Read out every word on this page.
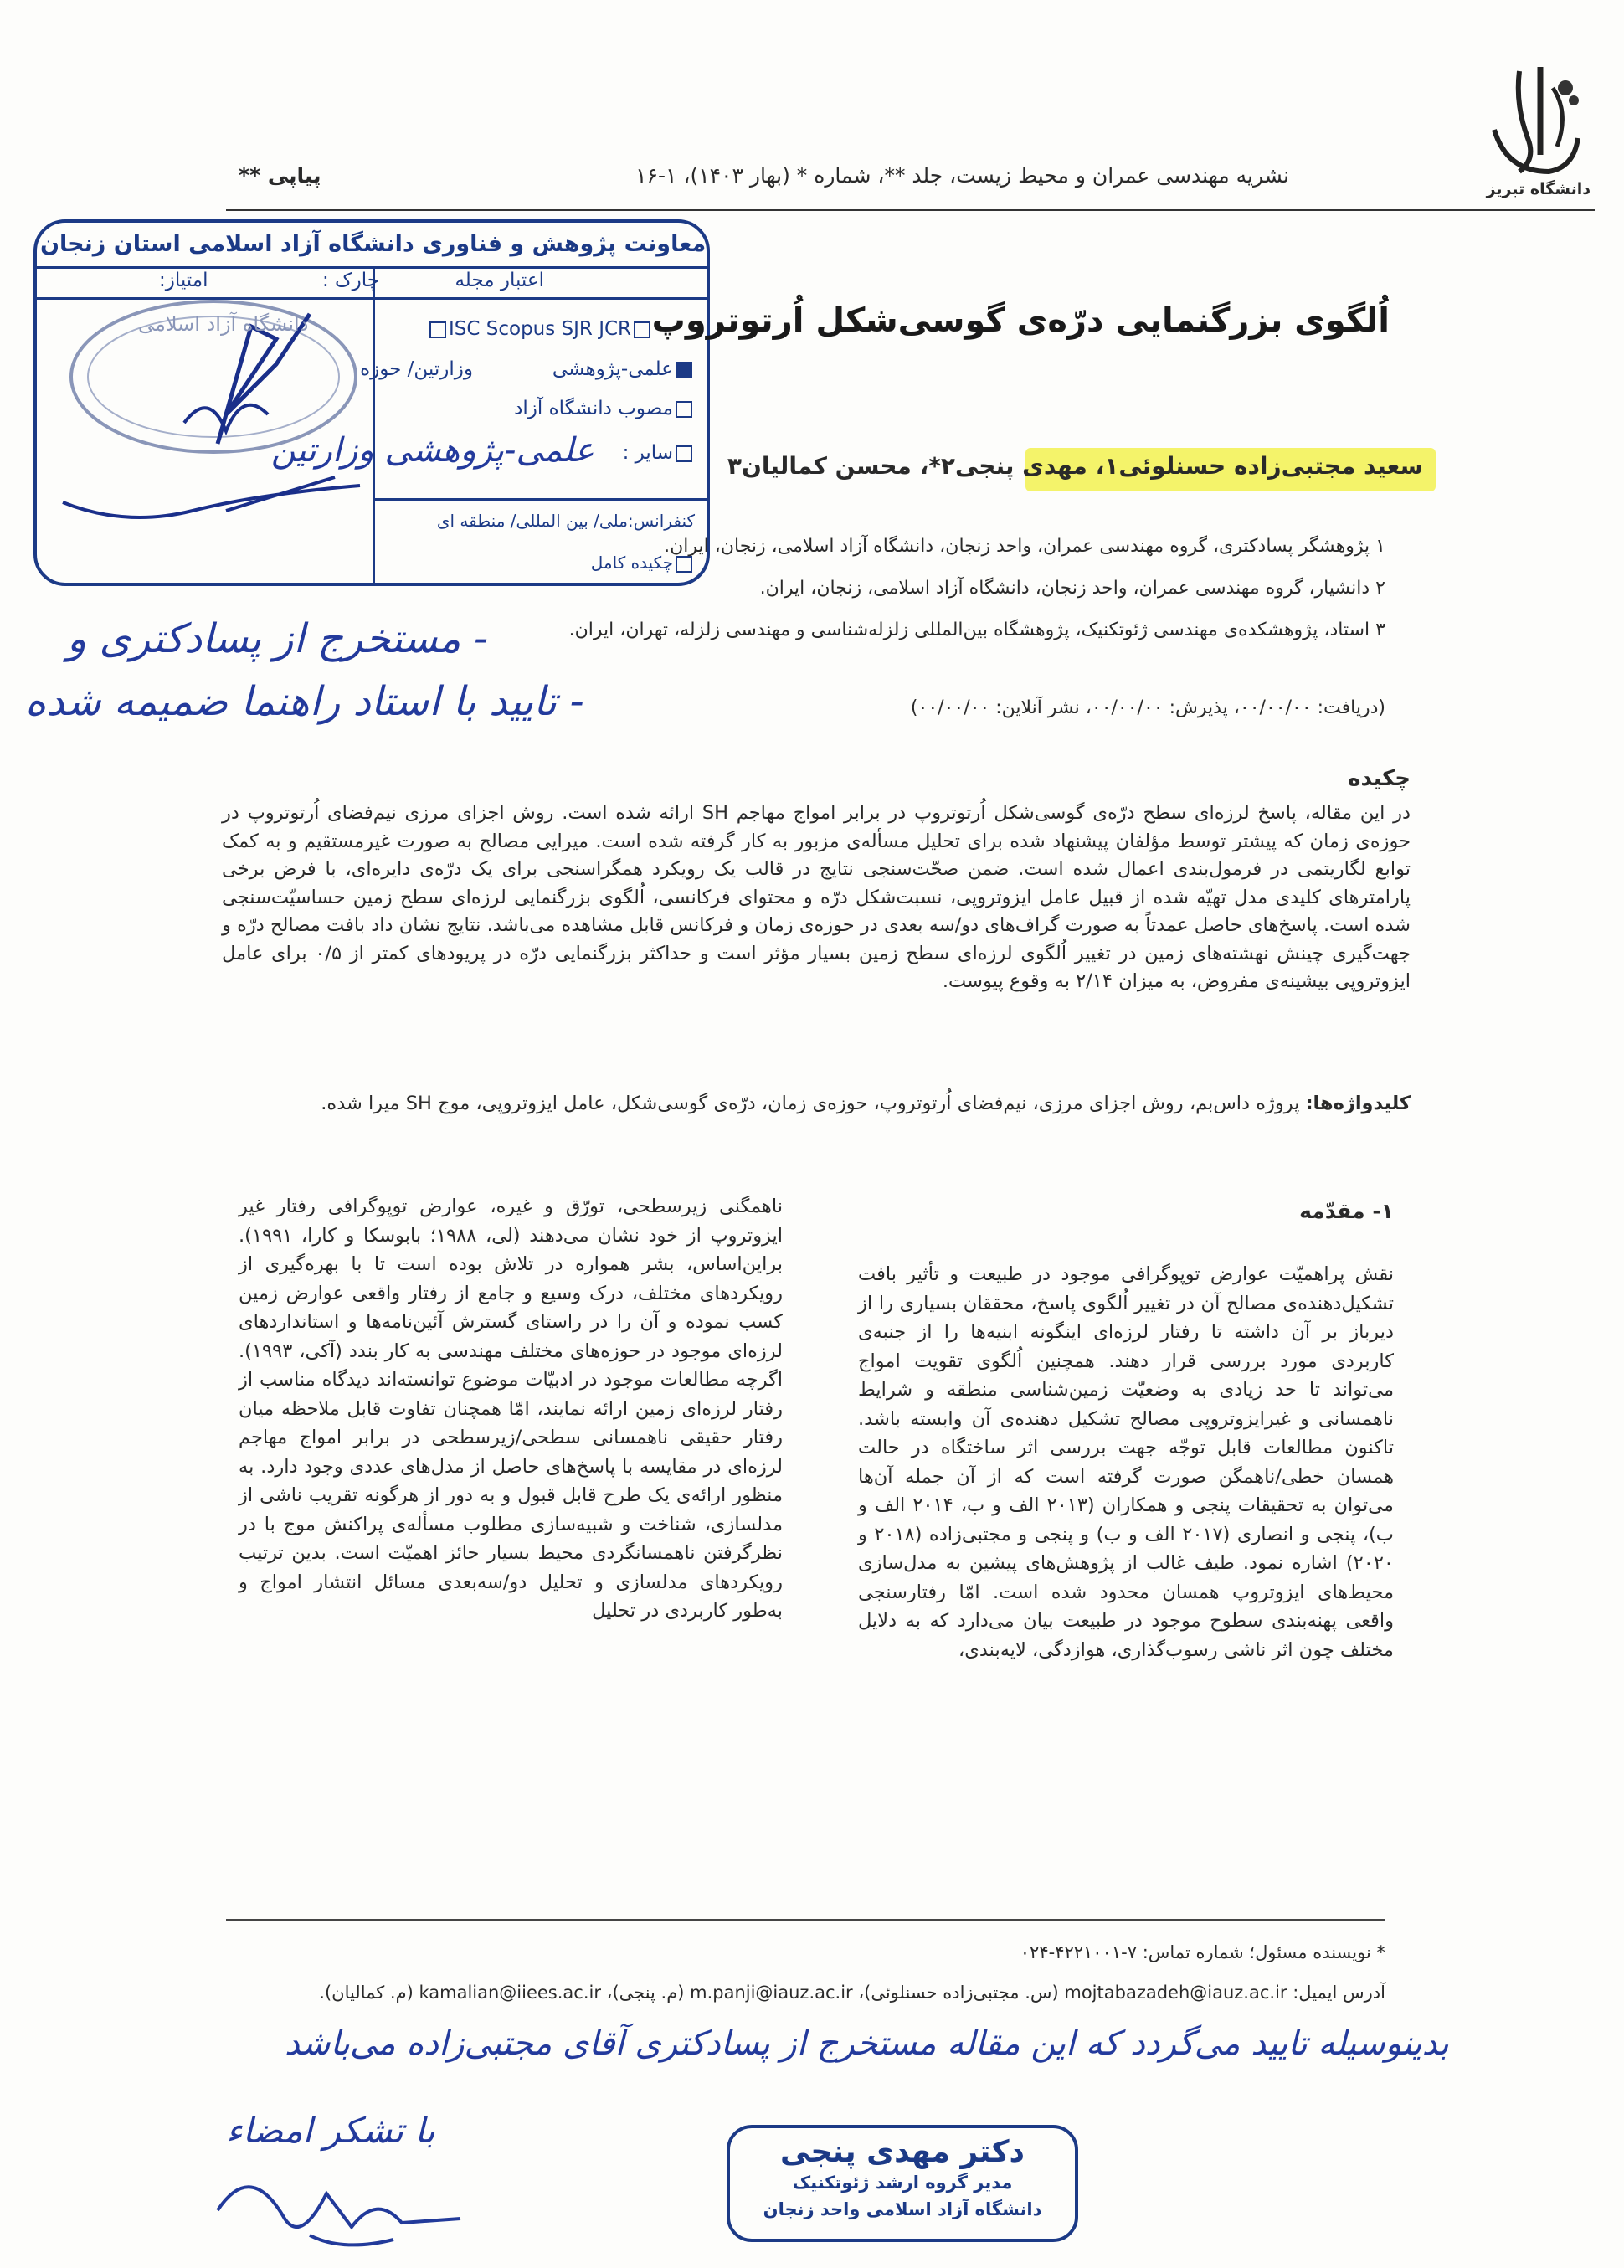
دانشگاه تبریز
نشریه مهندسی عمران و محیط زیست، جلد **، شماره * (بهار ۱۴۰۳)، ۱-۱۶
پیاپی **
معاونت پژوهش و فناوری دانشگاه آزاد اسلامی استان زنجان
اعتبار مجله
چارک :
امتیاز:
ISC Scopus SJR JCR
علمی-پژوهشی
وزارتین/ حوزه
مصوب دانشگاه آزاد
سایر :
علمی-پژوهشی وزارتین
کنفرانس:ملی/ بین المللی/ منطقه ای
چکیده کامل
دانشگاه آزاد اسلامی	اُلگوی بزرگنمایی درّه‌ی گوسی‌شکل اُرتوتروپ
سعید مجتبی‌زاده حسنلوئی۱، مهدی پنجی۲*، محسن کمالیان۳
۱ پژوهشگر پسادکتری، گروه مهندسی عمران، واحد زنجان، دانشگاه آزاد اسلامی، زنجان، ایران.
۲ دانشیار، گروه مهندسی عمران، واحد زنجان، دانشگاه آزاد اسلامی، زنجان، ایران.
۳ استاد، پژوهشکده‌ی مهندسی ژئوتکنیک، پژوهشگاه بین‌المللی زلزله‌شناسی و مهندسی زلزله، تهران، ایران.
(دریافت: ۰۰/۰۰/۰۰، پذیرش: ۰۰/۰۰/۰۰، نشر آنلاین: ۰۰/۰۰/۰۰)
- مستخرج از پسادکتری و
- تایید با استاد راهنما ضمیمه شده
چکیده
در این مقاله، پاسخ لرزه‌ای سطح درّه‌ی گوسی‌شکل اُرتوتروپ در برابر امواج مهاجم SH ارائه شده است. روش اجزای مرزی نیم‌فضای اُرتوتروپ در حوزه‌ی زمان که پیشتر توسط مؤلفان پیشنهاد شده برای تحلیل مسأله‌ی مزبور به کار گرفته شده است. میرایی مصالح به صورت غیرمستقیم و به کمک توابع لگاریتمی در فرمول‌بندی اعمال شده است. ضمن صحّت‌سنجی نتایج در قالب یک رویکرد همگراسنجی برای یک درّه‌ی دایره‌ای، با فرض برخی پارامترهای کلیدی مدل تهیّه شده از قبیل عامل ایزوتروپی، نسبت‌شکل درّه و محتوای فرکانسی، اُلگوی بزرگنمایی لرزه‌ای سطح زمین حساسیّت‌سنجی شده است. پاسخ‌های حاصل عمدتاً به صورت گراف‌های دو/سه بعدی در حوزه‌ی زمان و فرکانس قابل مشاهده می‌باشد. نتایج نشان داد بافت مصالح درّه و جهت‌گیری چینش نهشته‌های زمین در تغییر اُلگوی لرزه‌ای سطح زمین بسیار مؤثر است و حداکثر بزرگنمایی درّه در پریودهای کمتر از ۰/۵ برای عامل ایزوتروپی بیشینه‌ی مفروض، به میزان ۲/۱۴ به وقوع پیوست.
کلیدواژه‌ها: پروژه داس‌بم، روش اجزای مرزی، نیم‌فضای اُرتوتروپ، حوزه‌ی زمان، درّه‌ی گوسی‌شکل، عامل ایزوتروپی، موج SH میرا شده.
۱- مقدّمه
نقش پراهمیّت عوارض توپوگرافی موجود در طبیعت و تأثیر بافت تشکیل‌دهنده‌ی مصالح آن در تغییر اُلگوی پاسخ، محققان بسیاری را از دیرباز بر آن داشته تا رفتار لرزه‌ای اینگونه ابنیه‌ها را از جنبه‌ی کاربردی مورد بررسی قرار دهند. همچنین اُلگوی تقویت امواج می‌تواند تا حد زیادی به وضعیّت زمین‌شناسی منطقه و شرایط ناهمسانی و غیرایزوتروپی مصالح تشکیل دهنده‌ی آن وابسته باشد. تاکنون مطالعات قابل توجّه جهت بررسی اثر ساختگاه در حالت همسان خطی/ناهمگن صورت گرفته است که از آن جمله آن‌ها می‌توان به تحقیقات پنجی و همکاران (۲۰۱۳ الف و ب، ۲۰۱۴ الف و ب)، پنجی و انصاری (۲۰۱۷ الف و ب) و پنجی و مجتبی‌زاده (۲۰۱۸ و ۲۰۲۰) اشاره نمود. طیف غالب از پژوهش‌های پیشین به مدل‌سازی محیط‌های ایزوتروپ همسان محدود شده است. امّا رفتارسنجی واقعی پهنه‌بندی سطوح موجود در طبیعت بیان می‌دارد که به دلایل مختلف چون اثر ناشی رسوب‌گذاری، هوازدگی، لایه‌بندی،
ناهمگنی زیرسطحی، تورّق و غیره، عوارض توپوگرافی رفتار غیر ایزوتروپ از خود نشان می‌دهند (لی، ۱۹۸۸؛ بابوسکا و کارا، ۱۹۹۱). براین‌اساس، بشر همواره در تلاش بوده است تا با بهره‌گیری از رویکردهای مختلف، درک وسیع و جامع از رفتار واقعی عوارض زمین کسب نموده و آن را در راستای گسترش آئین‌نامه‌ها و استانداردهای لرزه‌ای موجود در حوزه‌های مختلف مهندسی به کار بندد (آکی، ۱۹۹۳). اگرچه مطالعات موجود در ادبیّات موضوع توانسته‌اند دیدگاه مناسب از رفتار لرزه‌ای زمین ارائه نمایند، امّا همچنان تفاوت قابل ملاحظه میان رفتار حقیقی ناهمسانی سطحی/زیرسطحی در برابر امواج مهاجم لرزه‌ای در مقایسه با پاسخ‌های حاصل از مدل‌های عددی وجود دارد. به منظور ارائه‌ی یک طرح قابل قبول و به دور از هرگونه تقریب ناشی از مدلسازی، شناخت و شبیه‌سازی مطلوب مسأله‌ی پراکنش موج با در نظرگرفتن ناهمسانگردی محیط بسیار حائز اهمیّت است. بدین ترتیب رویکردهای مدلسازی و تحلیل دو/سه‌بعدی مسائل انتشار امواج و به‌طور کاربردی در تحلیل
* نویسنده مسئول؛ شماره تماس: ۷-۴۲۲۱۰۰۱-۰۲۴
آدرس ایمیل: mojtabazadeh@iauz.ac.ir (س. مجتبی‌زاده حسنلوئی)، m.panji@iauz.ac.ir (م. پنجی)، kamalian@iiees.ac.ir (م. کمالیان).
بدینوسیله تایید می‌گردد که این مقاله مستخرج از پسادکتری آقای مجتبی‌زاده می‌باشد
با تشکر امضاء
دکتر مهدی پنجی
مدیر گروه ارشد ژئوتکنیک
دانشگاه آزاد اسلامی واحد زنجان
